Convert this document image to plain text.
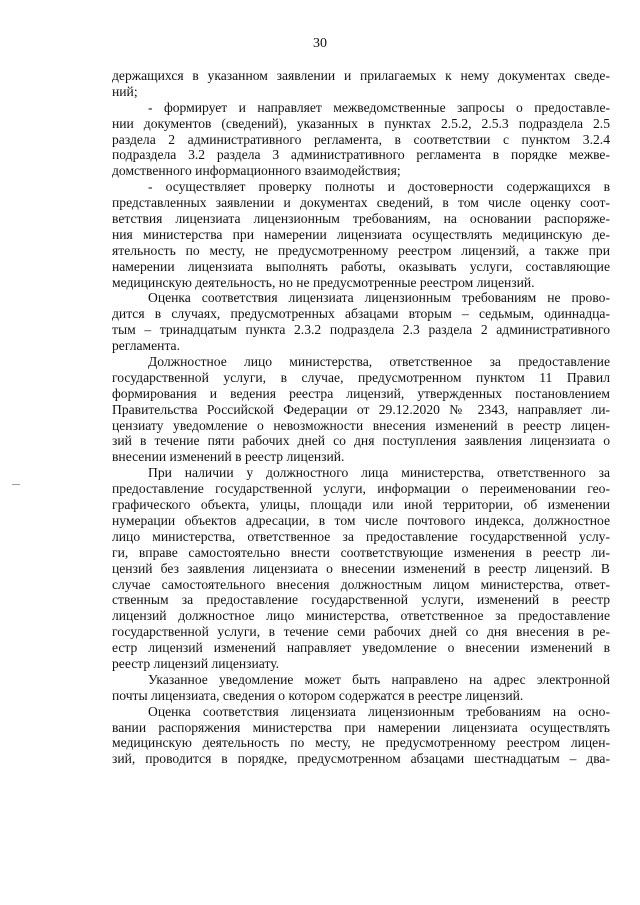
30
держащихся в указанном заявлении и прилагаемых к нему документах сведе-
ний;
- формирует и направляет межведомственные запросы о предоставле-
нии документов (сведений), указанных в пунктах 2.5.2, 2.5.3 подраздела 2.5
раздела 2 административного регламента, в соответствии с пунктом 3.2.4
подраздела 3.2 раздела 3 административного регламента в порядке межве-
домственного информационного взаимодействия;
- осуществляет проверку полноты и достоверности содержащихся в
представленных заявлении и документах сведений, в том числе оценку соот-
ветствия лицензиата лицензионным требованиям, на основании распоряже-
ния министерства при намерении лицензиата осуществлять медицинскую де-
ятельность по месту, не предусмотренному реестром лицензий, а также при
намерении лицензиата выполнять работы, оказывать услуги, составляющие
медицинскую деятельность, но не предусмотренные реестром лицензий.
Оценка соответствия лицензиата лицензионным требованиям не прово-
дится в случаях, предусмотренных абзацами вторым – седьмым, одиннадца-
тым – тринадцатым пункта 2.3.2 подраздела 2.3 раздела 2 административного
регламента.
Должностное лицо министерства, ответственное за предоставление
государственной услуги, в случае, предусмотренном пунктом 11 Правил
формирования и ведения реестра лицензий, утвержденных постановлением
Правительства Российской Федерации от 29.12.2020 № 2343, направляет ли-
цензиату уведомление о невозможности внесения изменений в реестр лицен-
зий в течение пяти рабочих дней со дня поступления заявления лицензиата о
внесении изменений в реестр лицензий.
При наличии у должностного лица министерства, ответственного за
предоставление государственной услуги, информации о переименовании гео-
графического объекта, улицы, площади или иной территории, об изменении
нумерации объектов адресации, в том числе почтового индекса, должностное
лицо министерства, ответственное за предоставление государственной услу-
ги, вправе самостоятельно внести соответствующие изменения в реестр ли-
цензий без заявления лицензиата о внесении изменений в реестр лицензий. В
случае самостоятельного внесения должностным лицом министерства, ответ-
ственным за предоставление государственной услуги, изменений в реестр
лицензий должностное лицо министерства, ответственное за предоставление
государственной услуги, в течение семи рабочих дней со дня внесения в ре-
естр лицензий изменений направляет уведомление о внесении изменений в
реестр лицензий лицензиату.
Указанное уведомление может быть направлено на адрес электронной
почты лицензиата, сведения о котором содержатся в реестре лицензий.
Оценка соответствия лицензиата лицензионным требованиям на осно-
вании распоряжения министерства при намерении лицензиата осуществлять
медицинскую деятельность по месту, не предусмотренному реестром лицен-
зий, проводится в порядке, предусмотренном абзацами шестнадцатым – два-
